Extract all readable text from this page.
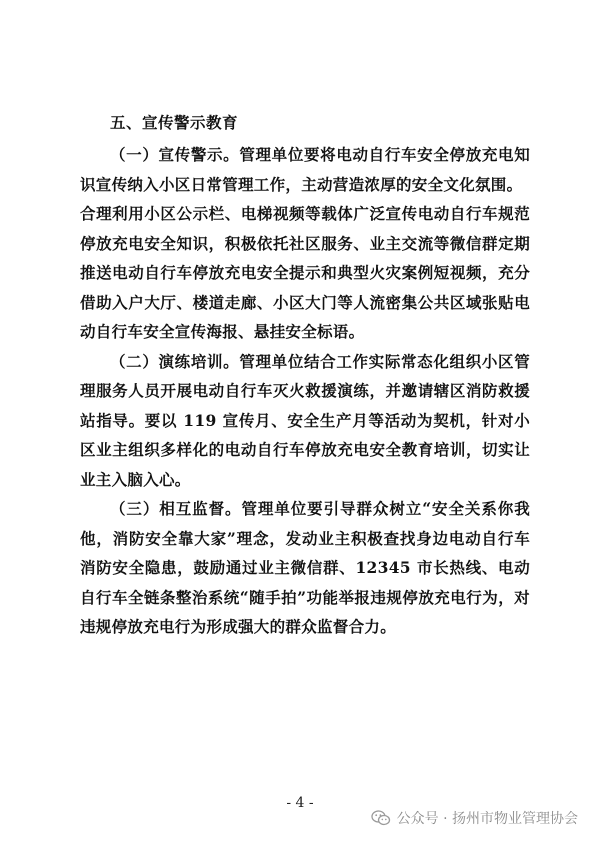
五、宣传警示教育

（一）宣传警示。管理单位要将电动自行车安全停放充电知识宣传纳入小区日常管理工作，主动营造浓厚的安全文化氛围。

合理利用小区公示栏、电梯视频等载体广泛宣传电动自行车规范停放充电安全知识，积极依托社区服务、业主交流等微信群定期推送电动自行车停放充电安全提示和典型火灾案例短视频，充分借助入户大厅、楼道走廊、小区大门等人流密集公共区域张贴电动自行车安全宣传海报、悬挂安全标语。

（二）演练培训。管理单位结合工作实际常态化组织小区管理服务人员开展电动自行车灭火救援演练，并邀请辖区消防救援站指导。要以 119 宣传月、安全生产月等活动为契机，针对小区业主组织多样化的电动自行车停放充电安全教育培训，切实让业主入脑入心。

（三）相互监督。管理单位要引导群众树立“安全关系你我他，消防安全靠大家”理念，发动业主积极查找身边电动自行车消防安全隐患，鼓励通过业主微信群、12345 市长热线、电动自行车全链条整治系统“随手拍”功能举报违规停放充电行为，对违规停放充电行为形成强大的群众监督合力。

- 4 -
公众号 · 扬州市物业管理协会
